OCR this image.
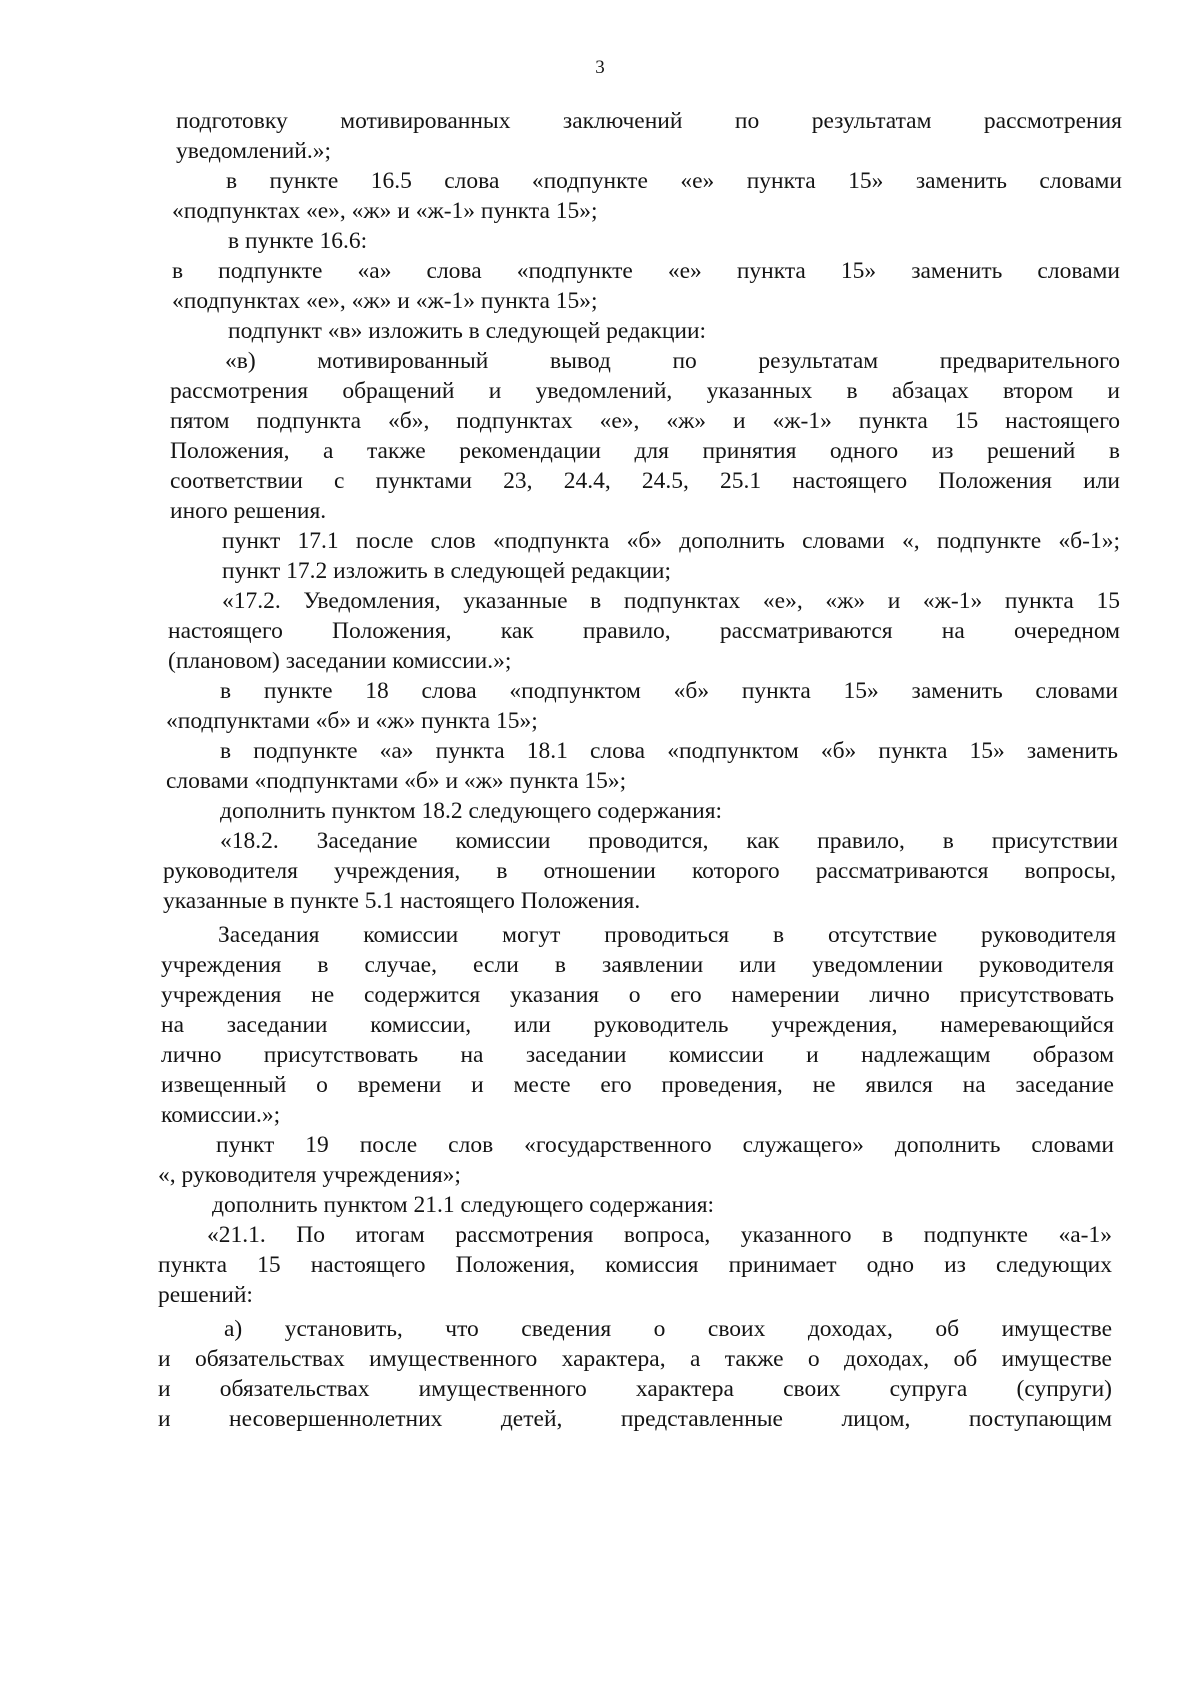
3
подготовку мотивированных заключений по результатам рассмотрения
уведомлений.»;
в пункте 16.5 слова «подпункте «е» пункта 15» заменить словами
«подпунктах «е», «ж» и «ж-1» пункта 15»;
в пункте 16.6:
в подпункте «а» слова «подпункте «е» пункта 15» заменить словами
«подпунктах «е», «ж» и «ж-1» пункта 15»;
подпункт «в» изложить в следующей редакции:
«в) мотивированный вывод по результатам предварительного
рассмотрения обращений и уведомлений, указанных в абзацах втором и
пятом подпункта «б», подпунктах «е», «ж» и «ж-1» пункта 15 настоящего
Положения, а также рекомендации для принятия одного из решений в
соответствии с пунктами 23, 24.4, 24.5, 25.1 настоящего Положения или
иного решения.
пункт 17.1 после слов «подпункта «б» дополнить словами «, подпункте «б-1»;
пункт 17.2 изложить в следующей редакции;
«17.2. Уведомления, указанные в подпунктах «е», «ж» и «ж-1» пункта 15
настоящего Положения, как правило, рассматриваются на очередном
(плановом) заседании комиссии.»;
в пункте 18 слова «подпунктом «б» пункта 15» заменить словами
«подпунктами «б» и «ж» пункта 15»;
в подпункте «а» пункта 18.1 слова «подпунктом «б» пункта 15» заменить
словами «подпунктами «б» и «ж» пункта 15»;
дополнить пунктом 18.2 следующего содержания:
«18.2. Заседание комиссии проводится, как правило, в присутствии
руководителя учреждения, в отношении которого рассматриваются вопросы,
указанные в пункте 5.1 настоящего Положения.
Заседания комиссии могут проводиться в отсутствие руководителя
учреждения в случае, если в заявлении или уведомлении руководителя
учреждения не содержится указания о его намерении лично присутствовать
на заседании комиссии, или руководитель учреждения, намеревающийся
лично присутствовать на заседании комиссии и надлежащим образом
извещенный о времени и месте его проведения, не явился на заседание
комиссии.»;
пункт 19 после слов «государственного служащего» дополнить словами
«, руководителя учреждения»;
дополнить пунктом 21.1 следующего содержания:
«21.1. По итогам рассмотрения вопроса, указанного в подпункте «а-1»
пункта 15 настоящего Положения, комиссия принимает одно из следующих
решений:
а) установить, что сведения о своих доходах, об имуществе
и обязательствах имущественного характера, а также о доходах, об имуществе
и обязательствах имущественного характера своих супруга (супруги)
и несовершеннолетних детей, представленные лицом, поступающим
